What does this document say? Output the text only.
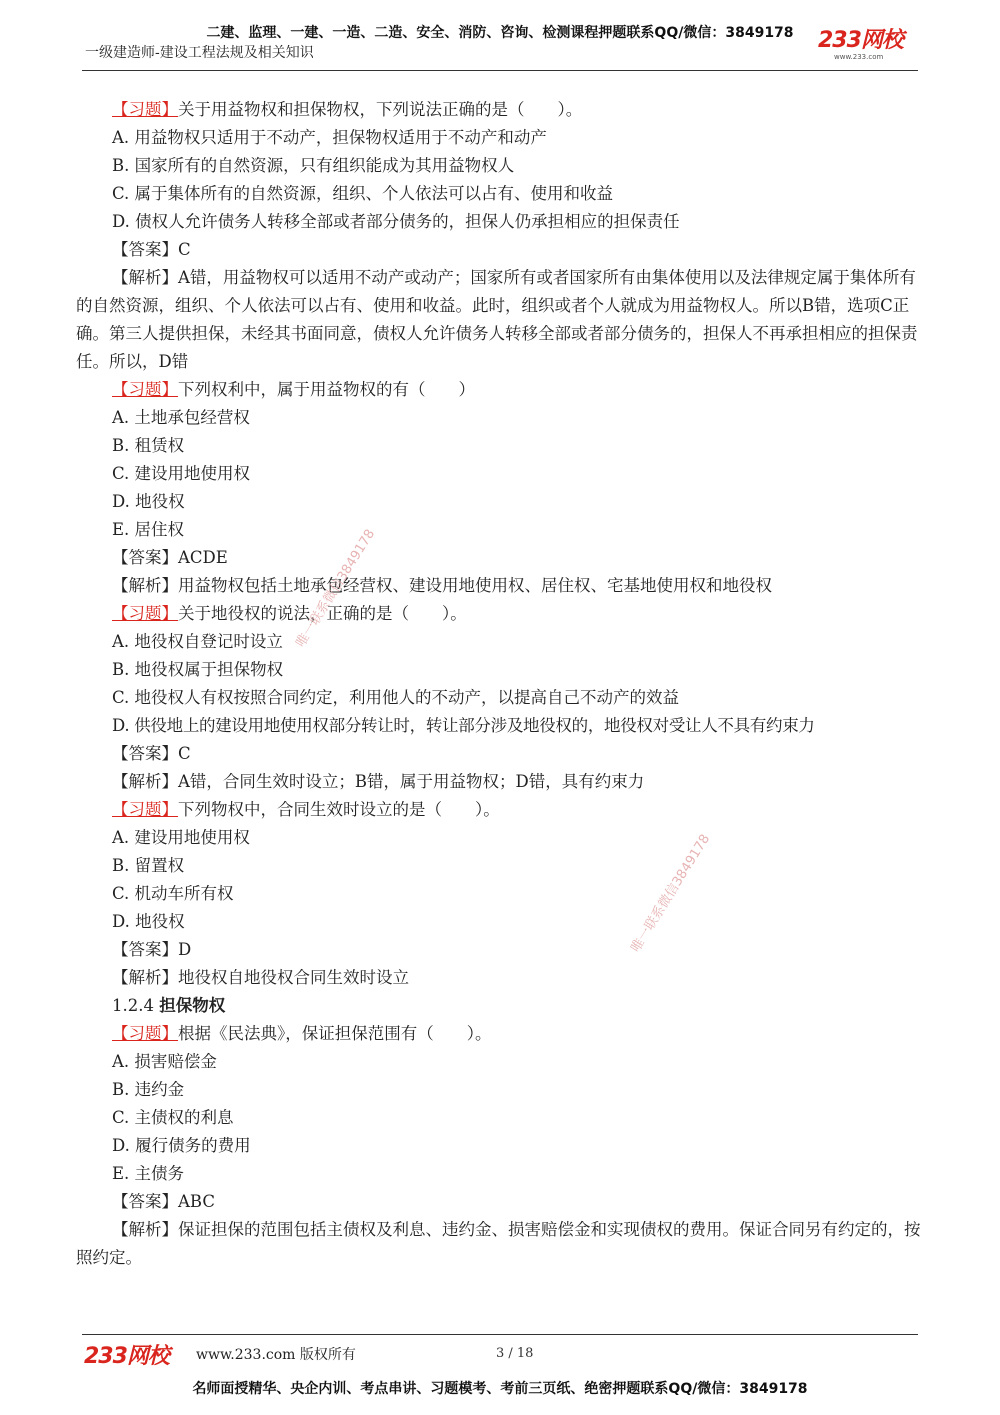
二建、监理、一建、一造、二造、安全、消防、咨询、检测课程押题联系QQ/微信：3849178
一级建造师-建设工程法规及相关知识	233网校
www.233.com
【习题】关于用益物权和担保物权，下列说法正确的是（　　）。
A. 用益物权只适用于不动产，担保物权适用于不动产和动产
B. 国家所有的自然资源，只有组织能成为其用益物权人
C. 属于集体所有的自然资源，组织、个人依法可以占有、使用和收益
D. 债权人允许债务人转移全部或者部分债务的，担保人仍承担相应的担保责任
【答案】C
【解析】A错，用益物权可以适用不动产或动产；国家所有或者国家所有由集体使用以及法律规定属于集体所有的自然资源，组织、个人依法可以占有、使用和收益。此时，组织或者个人就成为用益物权人。所以B错，选项C正确。第三人提供担保，未经其书面同意，债权人允许债务人转移全部或者部分债务的，担保人不再承担相应的担保责任。所以，D错
【习题】下列权利中，属于用益物权的有（　　）
A. 土地承包经营权
B. 租赁权
C. 建设用地使用权
D. 地役权
E. 居住权
【答案】ACDE
【解析】用益物权包括土地承包经营权、建设用地使用权、居住权、宅基地使用权和地役权
【习题】关于地役权的说法，正确的是（　　）。
A. 地役权自登记时设立
B. 地役权属于担保物权
C. 地役权人有权按照合同约定，利用他人的不动产，以提高自己不动产的效益
D. 供役地上的建设用地使用权部分转让时，转让部分涉及地役权的，地役权对受让人不具有约束力
【答案】C
【解析】A错，合同生效时设立；B错，属于用益物权；D错，具有约束力
【习题】下列物权中，合同生效时设立的是（　　）。
A. 建设用地使用权
B. 留置权
C. 机动车所有权
D. 地役权
【答案】D
【解析】地役权自地役权合同生效时设立
1.2.4 担保物权
【习题】根据《民法典》，保证担保范围有（　　）。
A. 损害赔偿金
B. 违约金
C. 主债权的利息
D. 履行债务的费用
E. 主债务
【答案】ABC
【解析】保证担保的范围包括主债权及利息、违约金、损害赔偿金和实现债权的费用。保证合同另有约定的，按照约定。
唯一联系微信3849178
唯一联系微信3849178
233网校 www.233.com 版权所有	3 / 18
名师面授精华、央企内训、考点串讲、习题模考、考前三页纸、绝密押题联系QQ/微信：3849178
